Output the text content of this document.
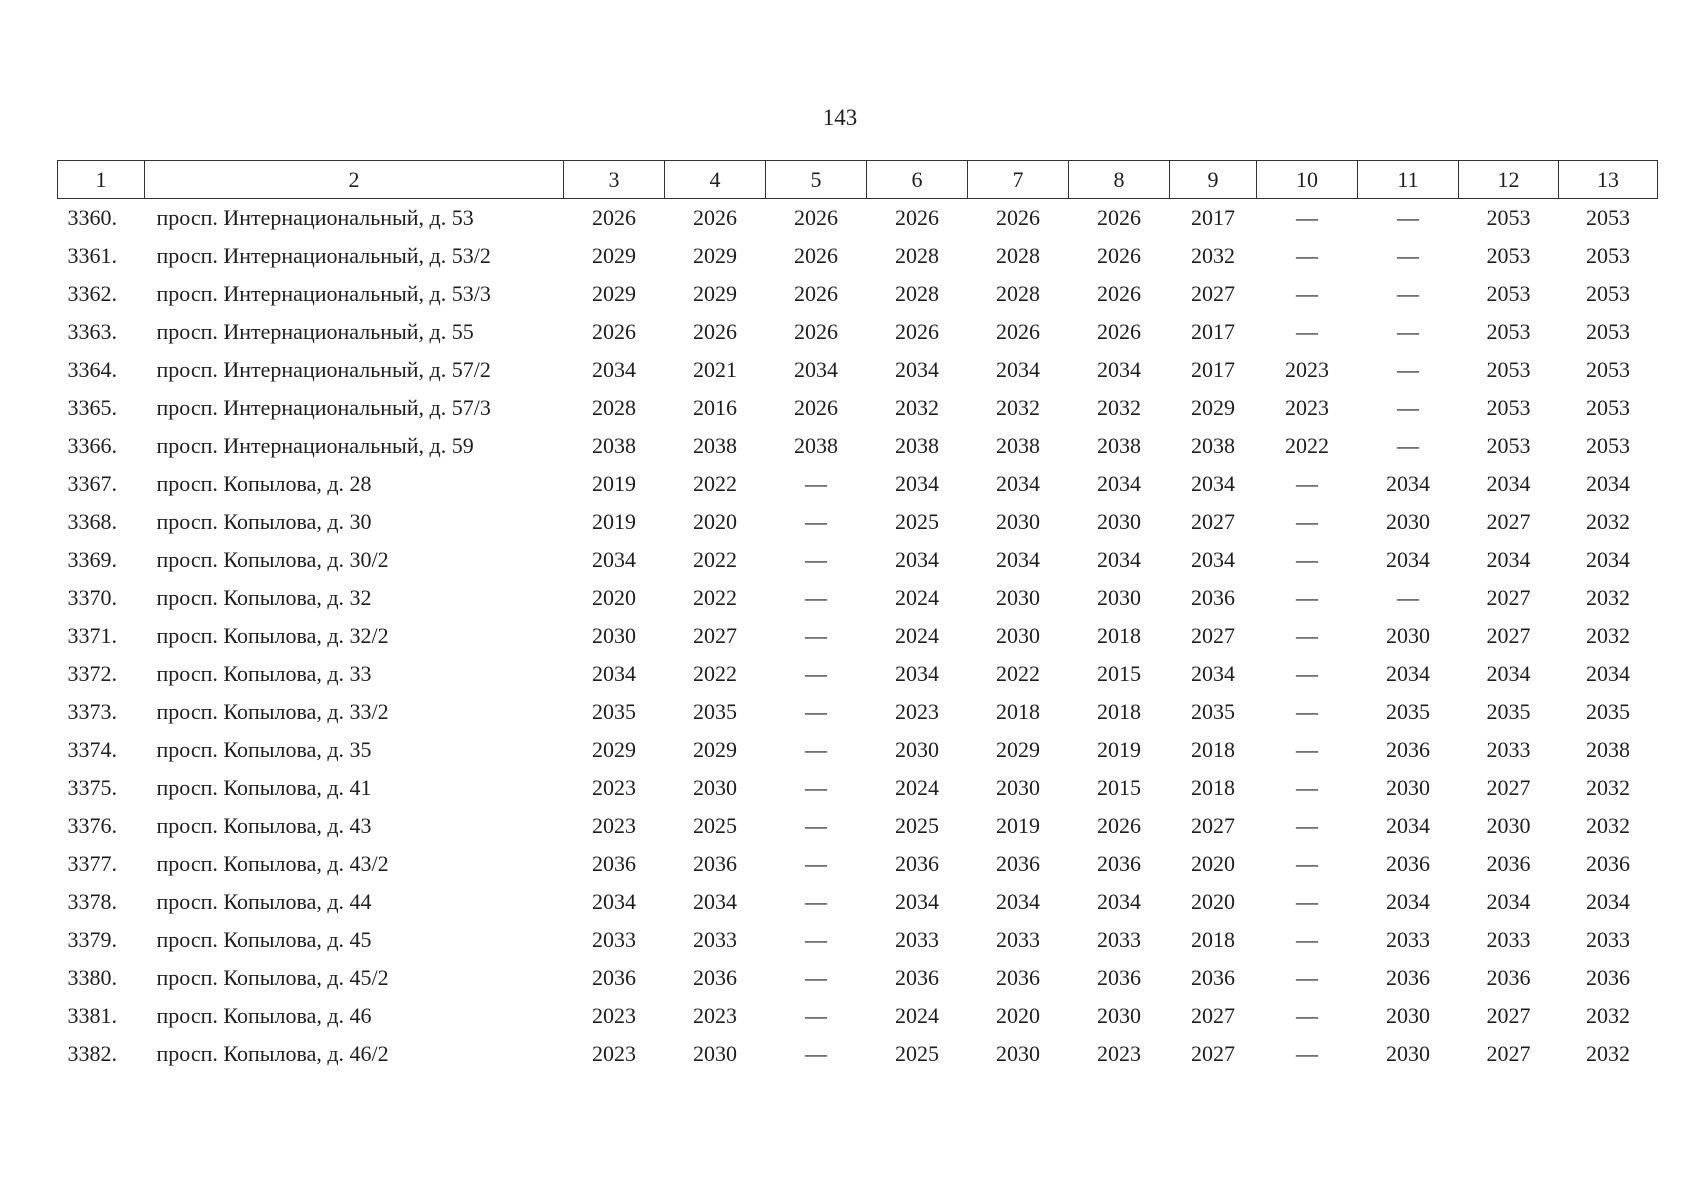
143
1	2	3	4	5	6	7	8	9	10	11	12	13
3360.	просп. Интернациональный, д. 53	2026	2026	2026	2026	2026	2026	2017	—	—	2053	2053
3361.	просп. Интернациональный, д. 53/2	2029	2029	2026	2028	2028	2026	2032	—	—	2053	2053
3362.	просп. Интернациональный, д. 53/3	2029	2029	2026	2028	2028	2026	2027	—	—	2053	2053
3363.	просп. Интернациональный, д. 55	2026	2026	2026	2026	2026	2026	2017	—	—	2053	2053
3364.	просп. Интернациональный, д. 57/2	2034	2021	2034	2034	2034	2034	2017	2023	—	2053	2053
3365.	просп. Интернациональный, д. 57/3	2028	2016	2026	2032	2032	2032	2029	2023	—	2053	2053
3366.	просп. Интернациональный, д. 59	2038	2038	2038	2038	2038	2038	2038	2022	—	2053	2053
3367.	просп. Копылова, д. 28	2019	2022	—	2034	2034	2034	2034	—	2034	2034	2034
3368.	просп. Копылова, д. 30	2019	2020	—	2025	2030	2030	2027	—	2030	2027	2032
3369.	просп. Копылова, д. 30/2	2034	2022	—	2034	2034	2034	2034	—	2034	2034	2034
3370.	просп. Копылова, д. 32	2020	2022	—	2024	2030	2030	2036	—	—	2027	2032
3371.	просп. Копылова, д. 32/2	2030	2027	—	2024	2030	2018	2027	—	2030	2027	2032
3372.	просп. Копылова, д. 33	2034	2022	—	2034	2022	2015	2034	—	2034	2034	2034
3373.	просп. Копылова, д. 33/2	2035	2035	—	2023	2018	2018	2035	—	2035	2035	2035
3374.	просп. Копылова, д. 35	2029	2029	—	2030	2029	2019	2018	—	2036	2033	2038
3375.	просп. Копылова, д. 41	2023	2030	—	2024	2030	2015	2018	—	2030	2027	2032
3376.	просп. Копылова, д. 43	2023	2025	—	2025	2019	2026	2027	—	2034	2030	2032
3377.	просп. Копылова, д. 43/2	2036	2036	—	2036	2036	2036	2020	—	2036	2036	2036
3378.	просп. Копылова, д. 44	2034	2034	—	2034	2034	2034	2020	—	2034	2034	2034
3379.	просп. Копылова, д. 45	2033	2033	—	2033	2033	2033	2018	—	2033	2033	2033
3380.	просп. Копылова, д. 45/2	2036	2036	—	2036	2036	2036	2036	—	2036	2036	2036
3381.	просп. Копылова, д. 46	2023	2023	—	2024	2020	2030	2027	—	2030	2027	2032
3382.	просп. Копылова, д. 46/2	2023	2030	—	2025	2030	2023	2027	—	2030	2027	2032
